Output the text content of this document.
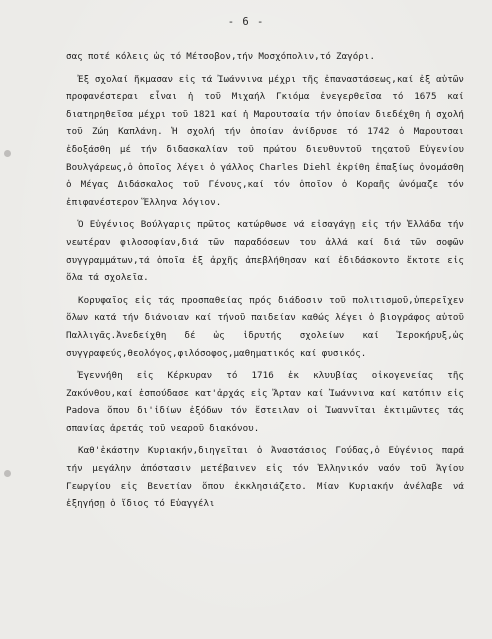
- 6 -

σας ποτέ κόλεις ὡς τό Μέτσοβον,τήν Μοσχόπολιν,τό Ζαγόρι.

Ἐξ σχολαί ἤκμασαν εἰς τά Ἰωάννινα μέχρι τῆς ἐπαναστάσεως,καί ἐξ αὐτῶν προφανέστεραι εἶναι ἡ τοῦ Μιχαήλ Γκιόμα ἐνεγερθεῖσα τό 1675 καί διατηρηθεῖσα μέχρι τοῦ 1821 καί ἡ Μαρουτσαία τήν ὁποίαν διεδέχθη ἡ σχολή τοῦ Ζώη Καπλάνη. Ἡ σχολή τήν ὁποίαν ἀνίδρυσε τό 1742 ὁ Μαρουτσαι ἐδοξάσθη μέ τήν διδασκαλίαν τοῦ πρώτου διευθυντοῦ τηςατοῦ Εὐγενίου Βουλγάρεως,ὁ ὁποῖος λέγει ὁ γάλλος Charles Diehl ἐκρίθη ἐπαξίως ὀνομάσθη ὁ Μέγας Διδάσκαλος τοῦ Γένους,καί τόν ὁποῖον ὁ Κοραῆς ὠνόμαζε τόν ἐπιφανέστερον Ἕλληνα λόγιον.

Ὁ Εὐγένιος Βούλγαρις πρῶτος κατώρθωσε νά εἰσαγάγῃ εἰς τήν Ἑλλάδα τήν νεωτέραν φιλοσοφίαν,διά τῶν παραδόσεων του ἀλλά καί διά τῶν σοφῶν συγγραμμάτων,τά ὁποῖα ἐξ ἀρχῆς ἀπεβλήθησαν καί ἐδιδάσκοντο ἔκτοτε εἰς ὅλα τά σχολεῖα.

Κορυφαῖος εἰς τάς προσπαθείας πρός διάδοσιν τοῦ πολιτισμοῦ,ὑπερεῖχεν ὅλων κατά τήν διάνοιαν καί τήνοῦ παιδείαν καθώς λέγει ὁ βιογράφος αὐτοῦ Παλλιγᾶς.Ἀνεδείχθη δέ ὡς ἱδρυτής σχολείων καί Ἱεροκήρυξ,ὡς συγγραφεύς,θεολόγος,φιλόσοφος,μαθηματικός καί φυσικός.

Ἐγεννήθη εἰς Κέρκυραν τό 1716 ἐκ κλυυβίας οἰκογενείας τῆς Ζακύνθου,καί ἐσπούδασε κατ'ἀρχάς εἰς Ἄρταν καί Ἰωάννινα καί κατόπιν εἰς Padova ὅπου δι'ἰδίων ἐξόδων τόν ἔστειλαν οἱ Ἰωαννῖται ἐκτιμῶντες τάς σπανίας ἀρετάς τοῦ νεαροῦ διακόνου.

Καθ'ἑκάστην Κυριακήν,διηγεῖται ὁ Ἀναστάσιος Γούδας,ὁ Εὐγένιος παρά τήν μεγάλην ἀπόστασιν μετέβαινεν εἰς τόν Ἑλληνικόν ναόν τοῦ Ἁγίου Γεωργίου εἰς Βενετίαν ὅπου ἐκκλησιάζετο. Μίαν Κυριακήν ἀνέλαβε νά ἐξηγήσῃ ὁ ἴδιος τό Εὐαγγέλι
